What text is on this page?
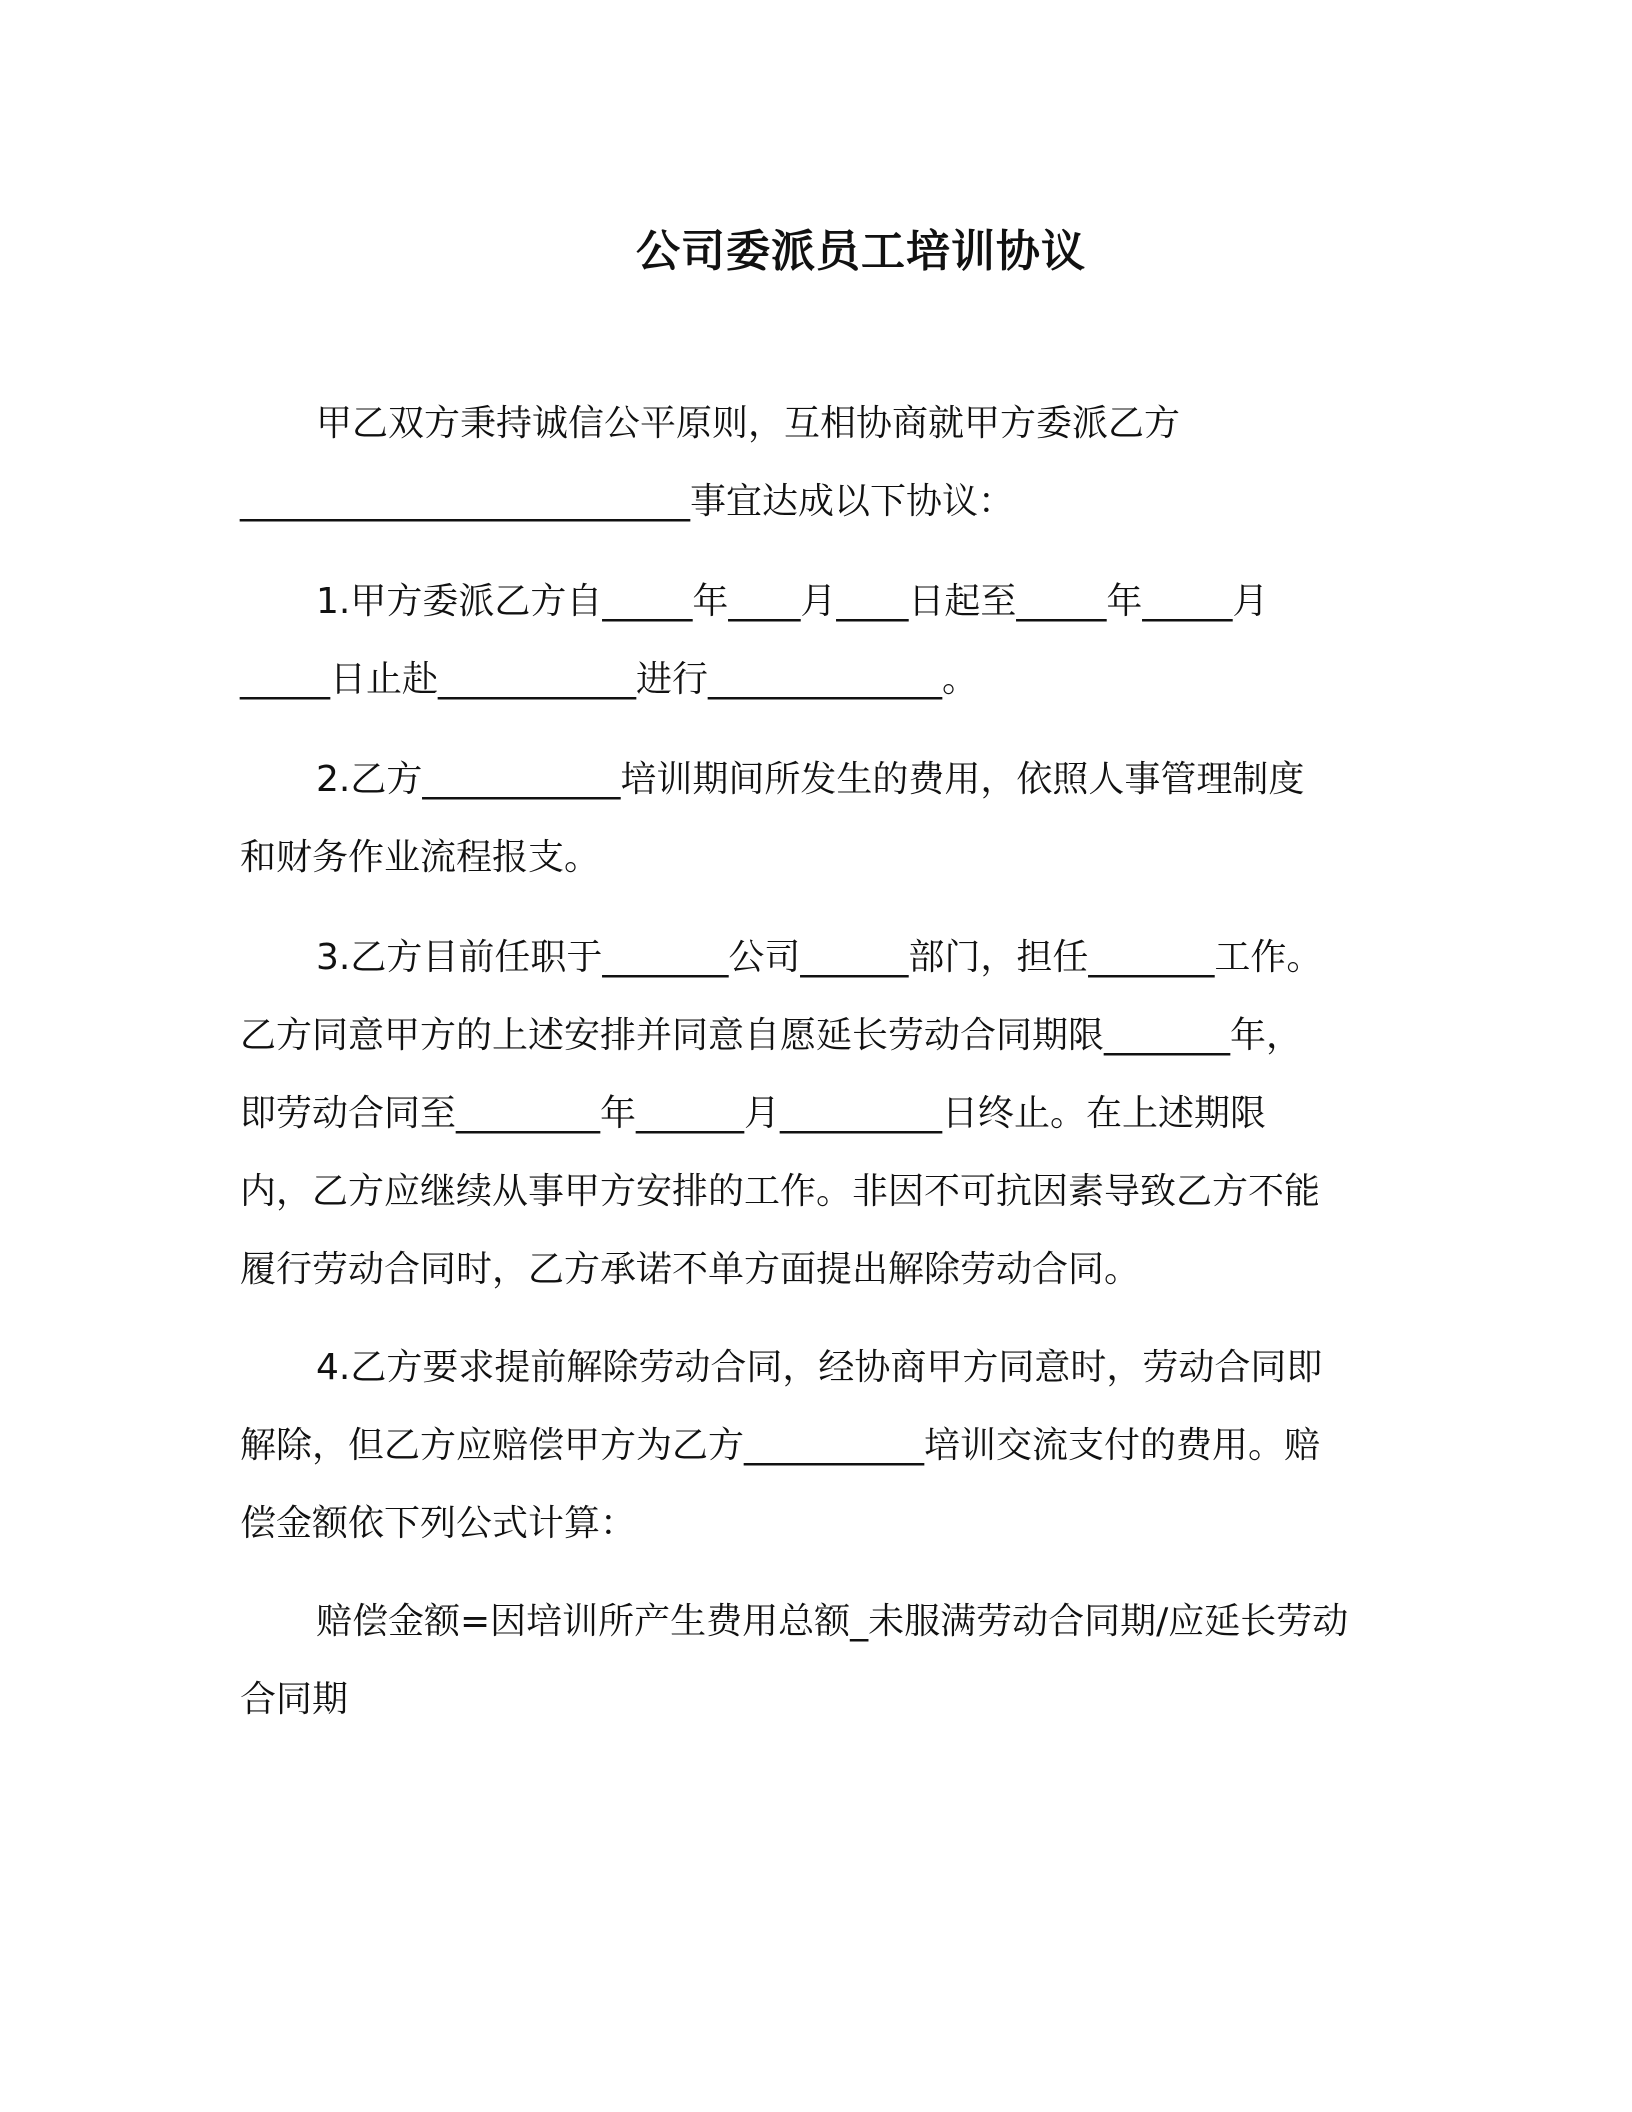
公司委派员工培训协议
甲乙双方秉持诚信公平原则，互相协商就甲方委派乙方
_________________________事宜达成以下协议：
1.甲方委派乙方自_____年____月____日起至_____年_____月
_____日止赴___________进行_____________。
2.乙方___________培训期间所发生的费用，依照人事管理制度
和财务作业流程报支。
3.乙方目前任职于_______公司______部门，担任_______工作。
乙方同意甲方的上述安排并同意自愿延长劳动合同期限_______年，
即劳动合同至________年______月_________日终止。在上述期限
内，乙方应继续从事甲方安排的工作。非因不可抗因素导致乙方不能
履行劳动合同时，乙方承诺不单方面提出解除劳动合同。
4.乙方要求提前解除劳动合同，经协商甲方同意时，劳动合同即
解除，但乙方应赔偿甲方为乙方__________培训交流支付的费用。赔
偿金额依下列公式计算：
赔偿金额=因培训所产生费用总额_未服满劳动合同期/应延长劳动
合同期
